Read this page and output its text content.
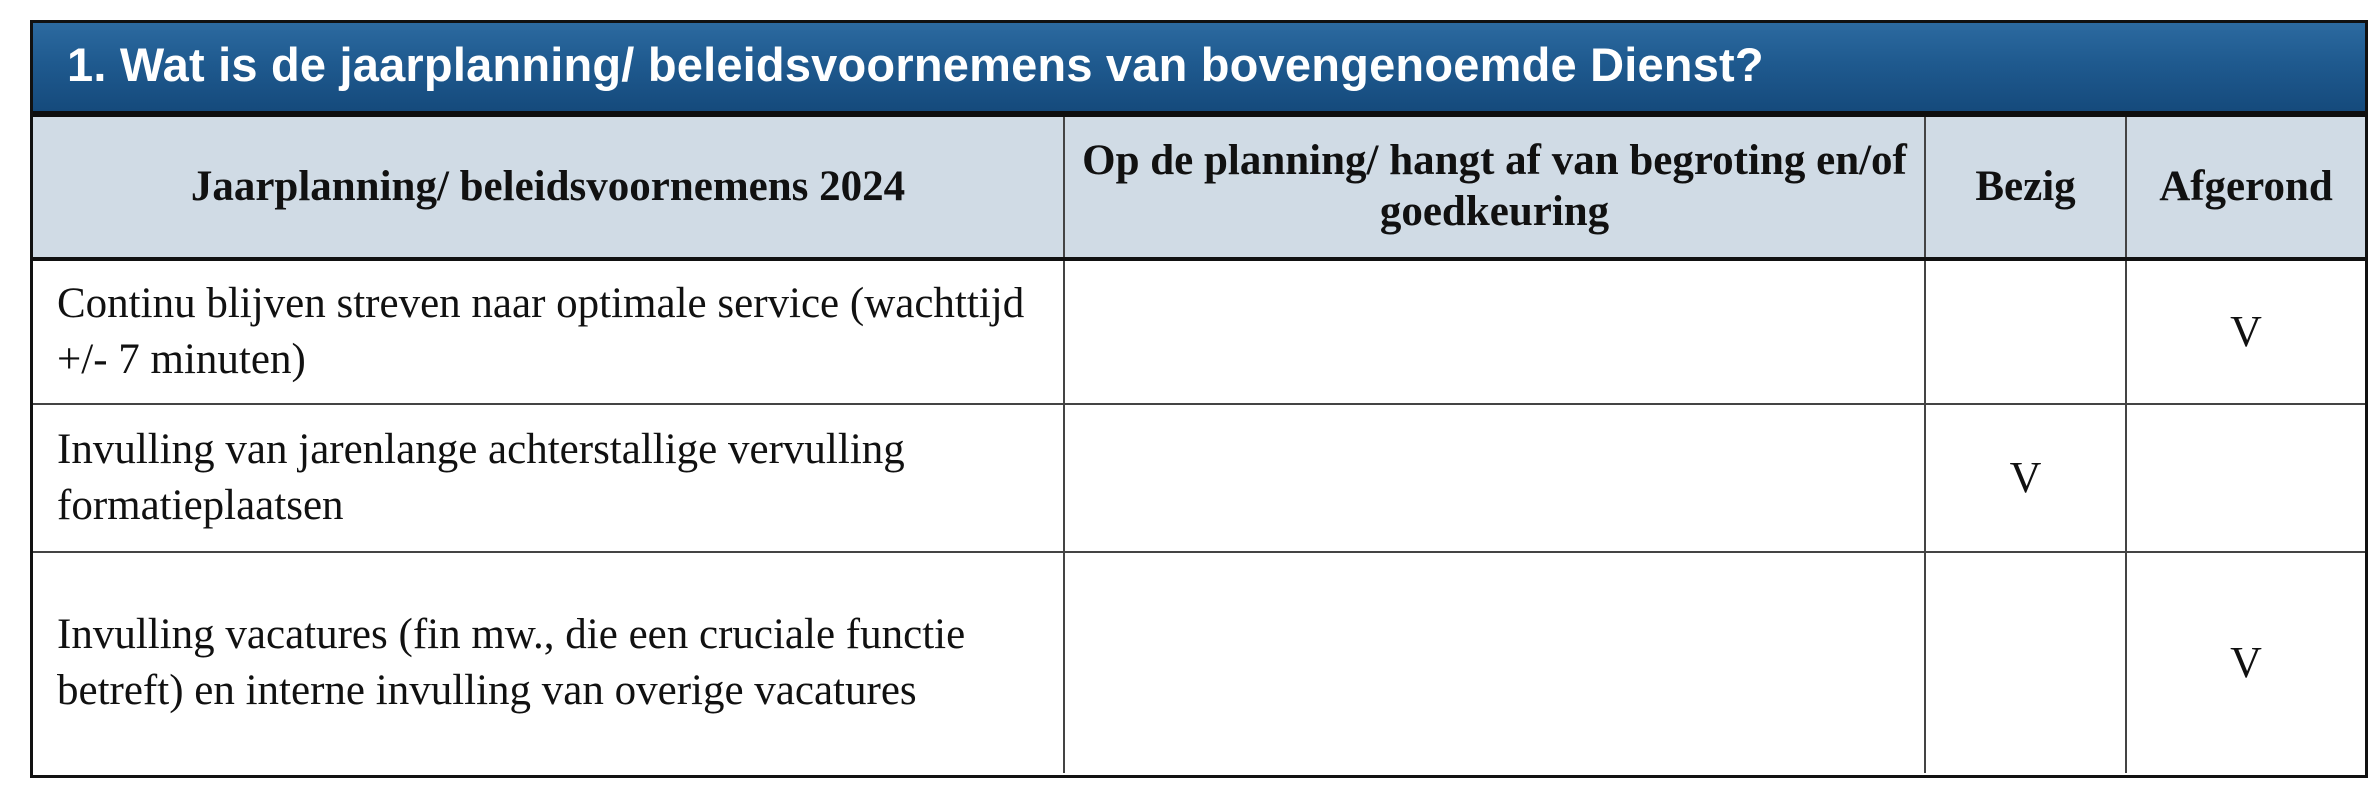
1. Wat is de jaarplanning/ beleidsvoornemens van bovengenoemde Dienst?
Jaarplanning/ beleidsvoornemens 2024	Op de planning/ hangt af van begroting en/of goedkeuring	Bezig	Afgerond
Continu blijven streven naar optimale service (wachttijd +/- 7 minuten)			V
Invulling van jarenlange achterstallige vervulling formatieplaatsen		V	
Invulling vacatures (fin mw., die een cruciale functie betreft) en interne invulling van overige vacatures			V
